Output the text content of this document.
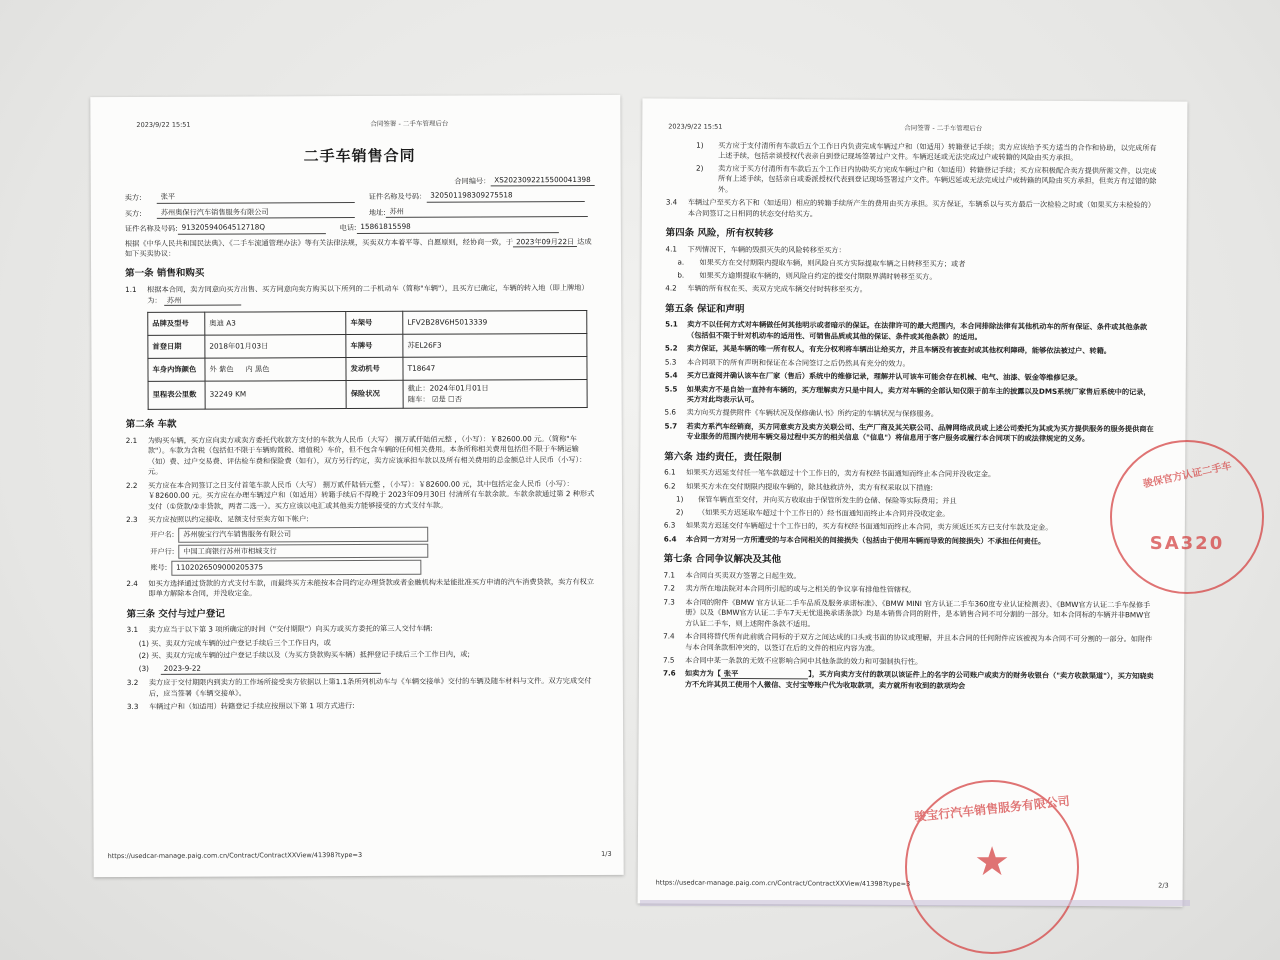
2023/9/22 15:51	合同签署 - 二手车管理后台
二手车销售合同
合同编号： XS2023092215500041398
卖方:	张平	证件名称及号码： 320501198309275518
买方:	苏州奥保行汽车销售服务有限公司	地址: 苏州
证件名称及号码: 91320594064512718Q	电话: 15861815598
根据《中华人民共和国民法典》、《二手车流通管理办法》等有关法律法规，买卖双方本着平等、自愿原则，经协商一致，于 2023年09月22日 达成如下买卖协议：
第一条 销售和购买
1.1	根据本合同，卖方同意向买方出售、买方同意向卖方购买以下所列的二手机动车（简称"车辆"），且买方已确定，车辆的转入地（即上牌地）为： 苏州
品牌及型号	奥迪 A3	车架号	LFV2B28V6H5013339
首登日期	2018年01月03日	车牌号	苏EL26F3
车身内饰颜色	外 紫色 内 黑色	发动机号	T18647
里程表公里数	32249 KM	保险状况	截止：2024年01月01日
随车： ☑是 ☐否
第二条 车款
2.1	为购买车辆，买方应向卖方或卖方委托代收款方支付的车款为人民币（大写） 捌万贰仟陆佰元整 ，（小写）：￥82600.00 元。（简称"车款"）。车款为含税（包括但不限于车辆购置税、增值税）车价，但不包含车辆的任何相关费用。本条所称相关费用包括但不限于车辆运输（如）费、过户交易费、评估检车费和保险费（如有），双方另行约定，卖方应该承担车款以及所有相关费用的总金额总计人民币（小写）： 元。
2.2	买方应在本合同签订之日支付首笔车款人民币（大写） 捌万贰仟陆佰元整 ，（小写）：￥82600.00 元，其中包括定金人民币（小写）：￥82600.00 元。买方应在办理车辆过户和（如适用）转籍手续后不得晚于 2023年09月30日 付清所有车款余款。车款余款通过第 2 种形式支付（①贷款/②非贷款，两者二选一）。买方应该以电汇或其他卖方能够接受的方式支付车款。
2.3	买方应按照以约定接收、足额支付至卖方如下帐户:
开户名:	苏州骏宝行汽车销售服务有限公司
开户行:	中国工商银行苏州市相城支行
账号:	1102026509000205375
2.4	如买方选择通过贷款的方式支付车款，而最终买方未能按本合同约定办理贷款或者金融机构未是能批准买方申请的汽车消费贷款，卖方有权立即单方解除本合同，并没收定金。
第三条 交付与过户登记
3.1	卖方应当于以下第 3 项所确定的时间（"交付期限"）向买方或买方委托的第三人交付车辆:
(1) 买、卖双方完成车辆的过户登记手续后三个工作日内，或
(2) 买、卖双方完成车辆的过户登记手续以及（为买方贷款购买车辆）抵押登记手续后三个工作日内，或;
(3)	2023-9-22
3.2	卖方应于交付期限内到卖方的工作场所接受卖方依据以上第1.1条所列机动车与《车辆交接单》交付的车辆及随车材料与文件。双方完成交付后，应当签署《车辆交接单》。
3.3	车辆过户和（如适用）转籍登记手续应按照以下第 1 项方式进行:
https://usedcar-manage.paig.com.cn/Contract/ContractXXView/41398?type=3	1/3
2023/9/22 15:51	合同签署 - 二手车管理后台
1)	买方应于支付清所有车款后五个工作日内负责完成车辆过户和（如适用）转籍登记手续；卖方应该给予买方适当的合作和协助，以完成所有上述手续，包括亲谈授权代表亲自到登记现场签署过户文件。车辆迟延或无法完成过户或转籍的风险由买方承担。
2)	卖方应于买方付清所有车款后五个工作日内协助买方完成车辆过户和（如适用）转籍登记手续；买方应积极配合卖方提供所需文件，以完成所有上述手续，包括亲自或委派授权代表到登记现场签署过户文件。车辆迟延或无法完成过户或转籍的风险由买方承担，但卖方有过错的除外。
3.4	车辆过户至买方名下和（如适用）相应的转籍手续所产生的费用由买方承担。买方保证，车辆系以与买方最后一次检验之时或（如果买方未检验的）本合同签订之日相同的状态交付给买方。
第四条 风险，所有权转移
4.1	下列情况下，车辆的毁损灭失的风险转移至买方：
a.	如果买方在交付期限内提取车辆，则风险自买方实际提取车辆之日转移至买方；或者
b.	如果买方逾期提取车辆的，则风险自约定的提交付期限界满时转移至买方。
4.2	车辆的所有权在买、卖双方完成车辆交付时转移至买方。
第五条 保证和声明
5.1	卖方不以任何方式对车辆做任何其他明示或者暗示的保证。在法律许可的最大范围内，本合同排除法律有其他机动车的所有保证、条件或其他条款（包括但不限于针对机动车的适用性、可销售品质或其他的保证、条件或其他条款）的适用。
5.2	卖方保证，其是车辆的唯一所有权人，有充分权利将车辆出让给买方，并且车辆没有被查封或其他权利障碍，能够依法被过户、转籍。
5.3	本合同项下的所有声明和保证在本合同签订之后仍然具有充分的效力。
5.4	买方已查阅并确认该车在厂家（售后）系统中的维修记录，理解并认可该车可能会存在机械、电气、油漆、钣金等维修记录。
5.5	如果卖方不是自始一直持有车辆的，买方理解卖方只是中间人，卖方对车辆的全部认知仅限于前车主的披露以及DMS系统厂家售后系统中的记录，买方对此均表示认可。
5.6	卖方向买方提供附件《车辆状况及保修确认书》所约定的车辆状况与保修服务。
5.7	若卖方系汽车经销商，买方同意卖方及卖方关联公司、生产厂商及其关联公司、品牌网络成员或上述公司委托为其或为买方提供服务的服务提供商在专业服务的范围内使用车辆交易过程中买方的相关信息（"信息"）将信息用于客户服务或履行本合同项下的或法律规定的义务。
第六条 违约责任，责任限制
6.1	如果买方迟延支付任一笔车款超过十个工作日的，卖方有权经书面通知而终止本合同并没收定金。
6.2	如果买方未在交付期限内提取车辆的，除其他救济外，卖方有权采取以下措施:
1)	保管车辆直至交付，并向买方收取由于保管所发生的仓储、保险等实际费用；并且
2)	（如果买方迟延取车超过十个工作日的）经书面通知而终止本合同并没收定金。
6.3	如果卖方迟延交付车辆超过十个工作日的，买方有权经书面通知而终止本合同，卖方须返还买方已支付车款及定金。
6.4	本合同一方对另一方所遭受的与本合同相关的间接损失（包括由于使用车辆而导致的间接损失）不承担任何责任。
第七条 合同争议解决及其他
7.1	本合同自买卖双方签署之日起生效。
7.2	卖方所在地法院对本合同所引起的或与之相关的争议享有排他性管辖权。
7.3	本合同的附件《BMW 官方认证二手车品质及服务承诺标准》、《BMW MINI 官方认证二手车360度专业认证检测表》、《BMW官方认证二手车保修手册》以及《BMW官方认证二手车7天无忧退换承诺条款》均是本销售合同的附件，是本销售合同不可分割的一部分。如本合同标的车辆并非BMW官方认证二手车，则上述附件条款不适用。
7.4	本合同将替代所有此前就合同标的于双方之间达成的口头或书面的协议或理解，并且本合同的任何附件应该被视为本合同不可分割的一部分。如附件与本合同条款相冲突的，以签订在后的文件的相应内容为准。
7.5	本合同中某一条款的无效不应影响合同中其他条款的效力和可强制执行性。
7.6	如卖方为【 张平	】，买方向卖方支付的款项以该证件上的名字的公司账户或卖方的财务收银台（"卖方收款渠道"），买方知晓卖方不允许其员工使用个人微信、支付宝等账户代为收取款项，卖方就所有收到的款项均会
https://usedcar-manage.paig.com.cn/Contract/ContractXXView/41398?type=3	2/3
骏保官方认证二手车
SA320
骏宝行汽车销售服务有限公司
★
